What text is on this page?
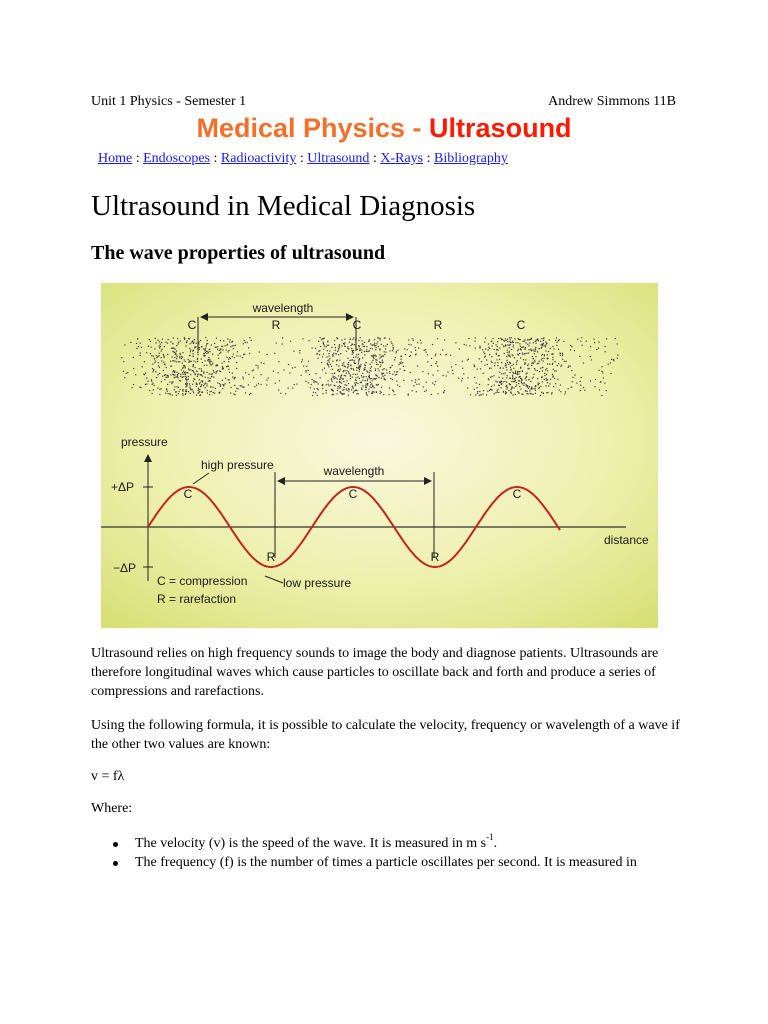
Unit 1 Physics - Semester 1	Andrew Simmons 11B
Medical Physics - Ultrasound
Home : Endoscopes : Radioactivity : Ultrasound : X-Rays : Bibliography
Ultrasound in Medical Diagnosis
The wave properties of ultrasound
wavelength
C	R	C	R	C
pressure
+ΔP
−ΔP
distance
wavelength
high pressure
C	C	C
R	R
low pressure
C = compression
R = rarefaction

Ultrasound relies on high frequency sounds to image the body and diagnose patients. Ultrasounds are therefore longitudinal waves which cause particles to oscillate back and forth and produce a series of compressions and rarefactions.

Using the following formula, it is possible to calculate the velocity, frequency or wavelength of a wave if the other two values are known:

v = fλ

Where:

The velocity (v) is the speed of the wave. It is measured in m $s^{-1}$.
The frequency (f) is the number of times a particle oscillates per second. It is measured in
